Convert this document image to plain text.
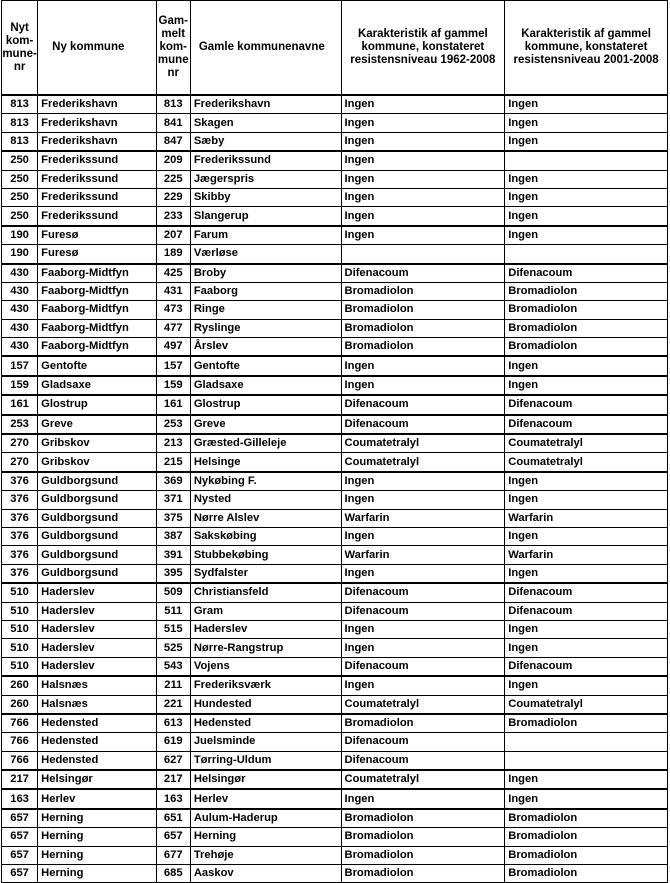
Nyt
kom-
mune-
nr	Ny kommune	Gam-
melt
kom-
mune
nr	Gamle kommunenavne	Karakteristik af gammel kommune, konstateret resistensniveau 1962-2008	Karakteristik af gammel kommune, konstateret resistensniveau 2001-2008
813	Frederikshavn	813	Frederikshavn	Ingen	Ingen
813	Frederikshavn	841	Skagen	Ingen	Ingen
813	Frederikshavn	847	Sæby	Ingen	Ingen
250	Frederikssund	209	Frederikssund	Ingen	
250	Frederikssund	225	Jægerspris	Ingen	Ingen
250	Frederikssund	229	Skibby	Ingen	Ingen
250	Frederikssund	233	Slangerup	Ingen	Ingen
190	Furesø	207	Farum	Ingen	Ingen
190	Furesø	189	Værløse		
430	Faaborg-Midtfyn	425	Broby	Difenacoum	Difenacoum
430	Faaborg-Midtfyn	431	Faaborg	Bromadiolon	Bromadiolon
430	Faaborg-Midtfyn	473	Ringe	Bromadiolon	Bromadiolon
430	Faaborg-Midtfyn	477	Ryslinge	Bromadiolon	Bromadiolon
430	Faaborg-Midtfyn	497	Årslev	Bromadiolon	Bromadiolon
157	Gentofte	157	Gentofte	Ingen	Ingen
159	Gladsaxe	159	Gladsaxe	Ingen	Ingen
161	Glostrup	161	Glostrup	Difenacoum	Difenacoum
253	Greve	253	Greve	Difenacoum	Difenacoum
270	Gribskov	213	Græsted-Gilleleje	Coumatetralyl	Coumatetralyl
270	Gribskov	215	Helsinge	Coumatetralyl	Coumatetralyl
376	Guldborgsund	369	Nykøbing F.	Ingen	Ingen
376	Guldborgsund	371	Nysted	Ingen	Ingen
376	Guldborgsund	375	Nørre Alslev	Warfarin	Warfarin
376	Guldborgsund	387	Sakskøbing	Ingen	Ingen
376	Guldborgsund	391	Stubbekøbing	Warfarin	Warfarin
376	Guldborgsund	395	Sydfalster	Ingen	Ingen
510	Haderslev	509	Christiansfeld	Difenacoum	Difenacoum
510	Haderslev	511	Gram	Difenacoum	Difenacoum
510	Haderslev	515	Haderslev	Ingen	Ingen
510	Haderslev	525	Nørre-Rangstrup	Ingen	Ingen
510	Haderslev	543	Vojens	Difenacoum	Difenacoum
260	Halsnæs	211	Frederiksværk	Ingen	Ingen
260	Halsnæs	221	Hundested	Coumatetralyl	Coumatetralyl
766	Hedensted	613	Hedensted	Bromadiolon	Bromadiolon
766	Hedensted	619	Juelsminde	Difenacoum	
766	Hedensted	627	Tørring-Uldum	Difenacoum	
217	Helsingør	217	Helsingør	Coumatetralyl	Ingen
163	Herlev	163	Herlev	Ingen	Ingen
657	Herning	651	Aulum-Haderup	Bromadiolon	Bromadiolon
657	Herning	657	Herning	Bromadiolon	Bromadiolon
657	Herning	677	Trehøje	Bromadiolon	Bromadiolon
657	Herning	685	Aaskov	Bromadiolon	Bromadiolon
